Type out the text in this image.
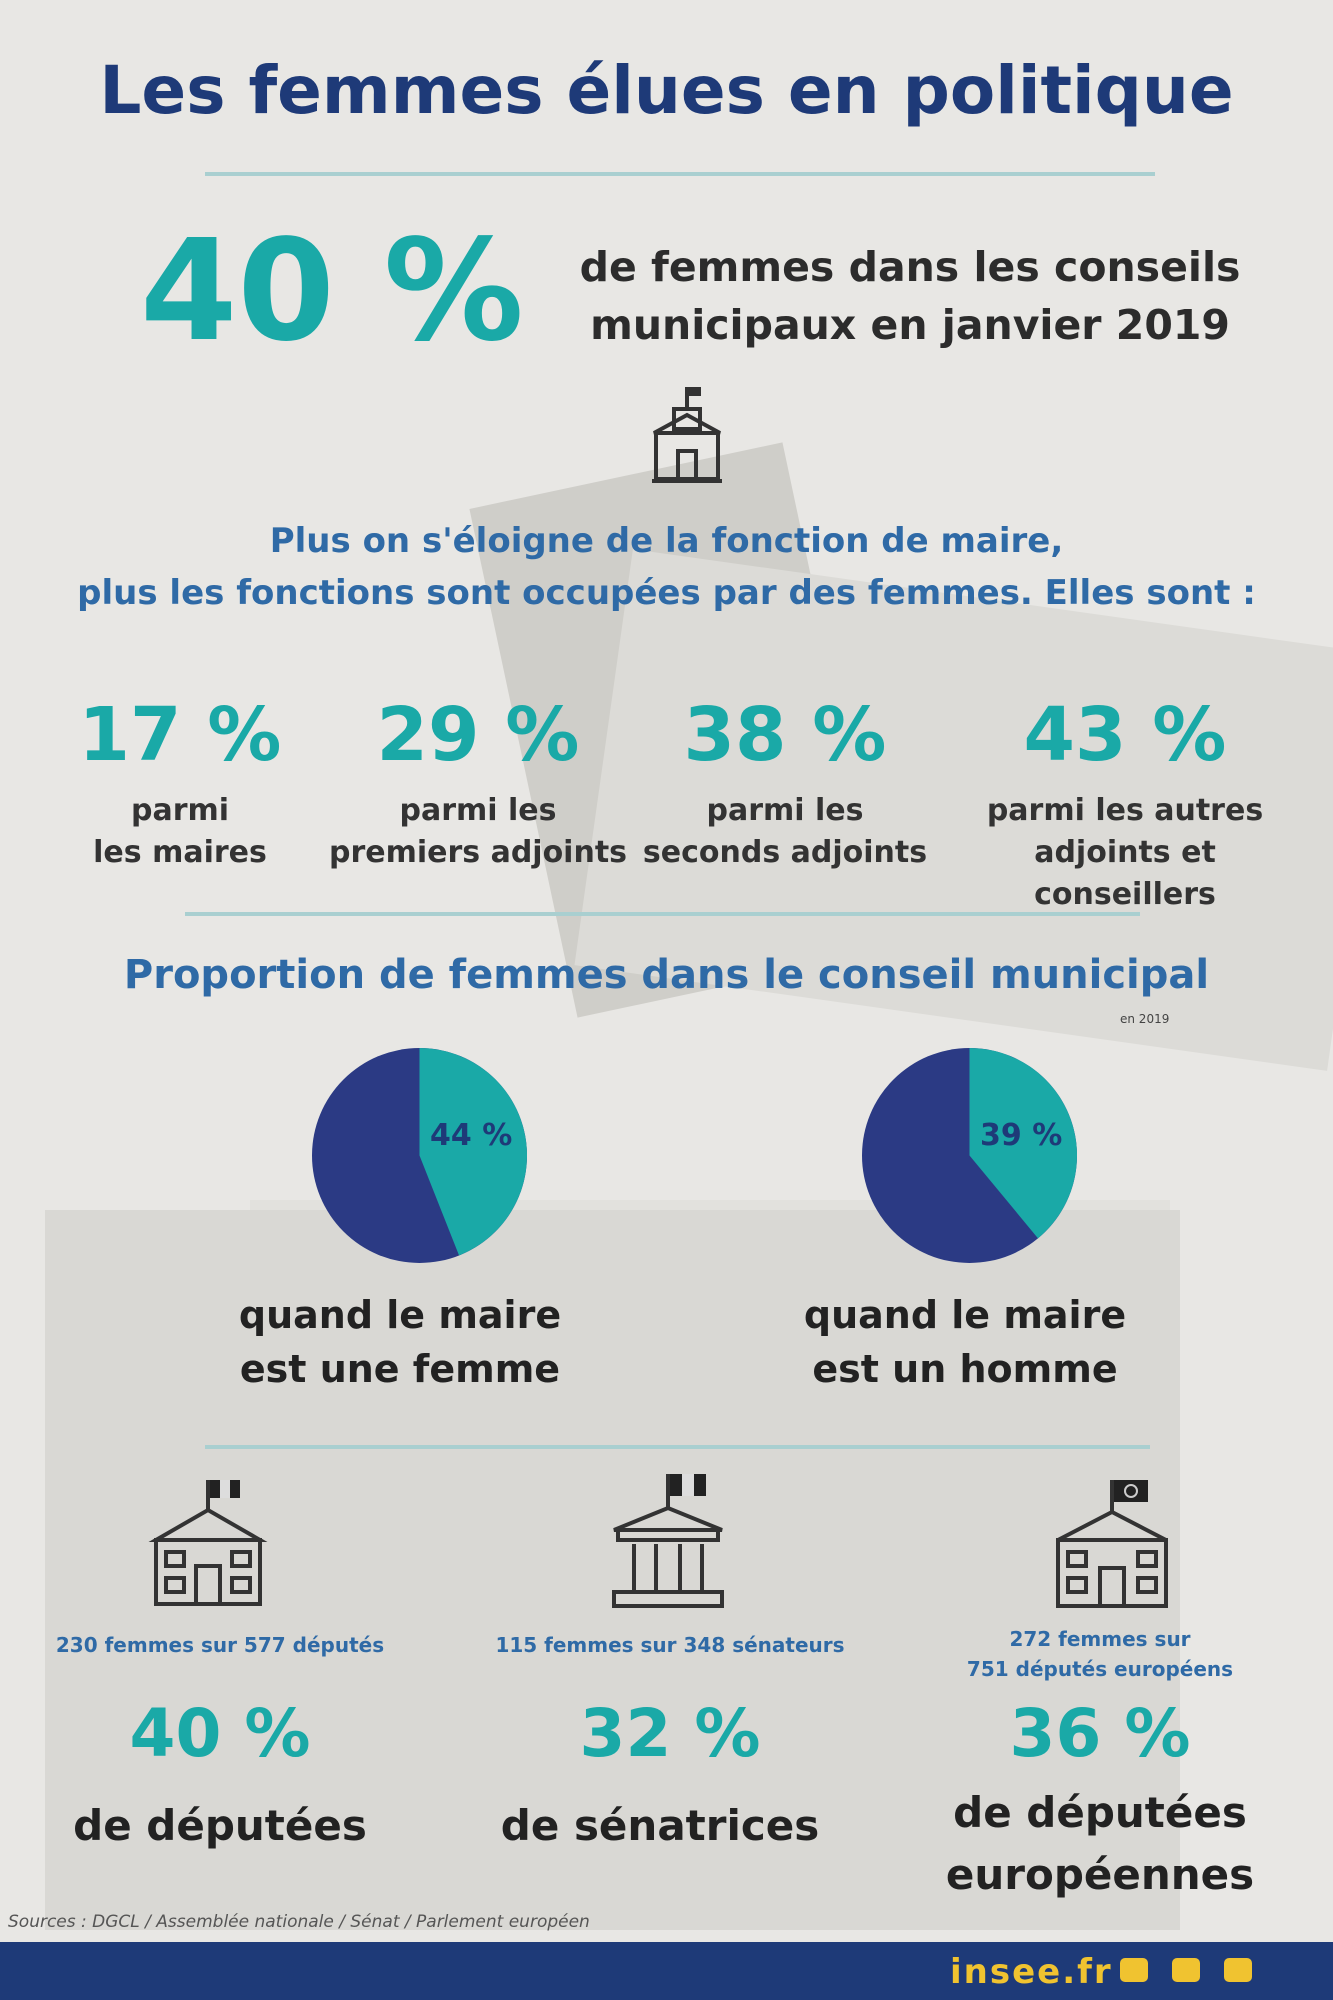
Les femmes élues en politique
40 % de femmes dans les conseils
municipaux en janvier 2019
Plus on s'éloigne de la fonction de maire,
plus les fonctions sont occupées par des femmes. Elles sont :
17 %
parmi
les maires
29 %
parmi les
premiers adjoints
38 %
parmi les
seconds adjoints
43 %
parmi les autres
adjoints et conseillers
Proportion de femmes dans le conseil municipal
en 2019
44 %	39 %
quand le maire
est une femme
quand le maire
est un homme
230 femmes sur 577 députés	115 femmes sur 348 sénateurs	272 femmes sur
751 députés européens
40 %	32 %	36 %
de députées	de sénatrices	de députées
européennes
Sources : DGCL / Assemblée nationale / Sénat / Parlement européen
insee.fr
